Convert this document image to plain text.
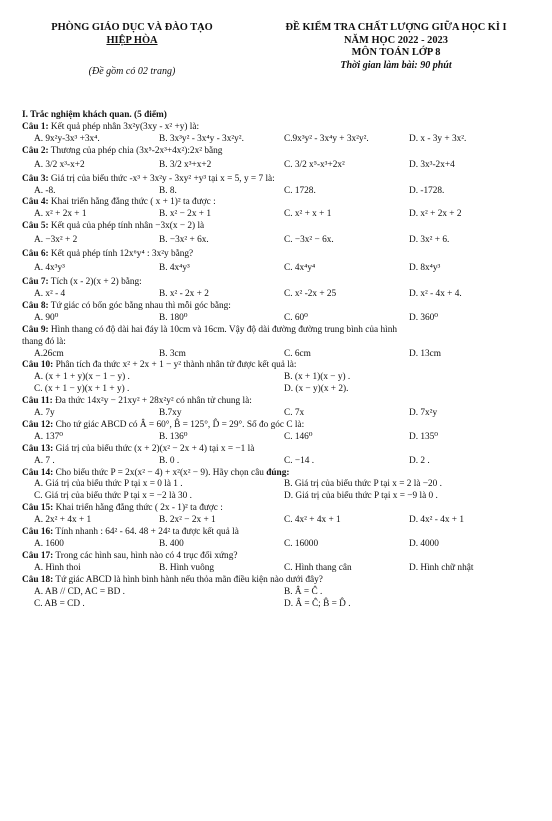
PHÒNG GIÁO DỤC VÀ ĐÀO TẠO
HIỆP HÒA
(Đề gồm có 02 trang)
ĐỀ KIỂM TRA CHẤT LƯỢNG GIỮA HỌC KÌ I
NĂM HỌC 2022 - 2023
MÔN TOÁN LỚP 8
Thời gian làm bài: 90 phút
I. Trắc nghiệm khách quan. (5 điểm)
Câu 1: Kết quả phép nhân 3x²y(3xy - x² +y) là:
A. 9x²y-3x³ +3x⁴.	B. 3x³y² - 3x⁴y - 3x²y².	C.9x³y² - 3x⁴y + 3x²y².	D. x - 3y + 3x².
Câu 2: Thương của phép chia (3x⁵-2x³+4x²):2x² bằng
A. 3/2 x³-x+2	B. 3/2 x³+x+2	C. 3/2 x⁵-x³+2x²	D. 3x³-2x+4
Câu 3: Giá trị của biểu thức -x³ + 3x²y - 3xy² +y³ tại x = 5, y = 7 là:
A. -8.	B. 8.	C. 1728.	D. -1728.
Câu 4: Khai triển hằng đẳng thức ( x + 1)² ta được :
A. x² + 2x + 1	B. x² − 2x + 1	C. x² + x + 1	D. x² + 2x + 2
Câu 5: Kết quả của phép tính nhân −3x(x − 2) là
A. −3x² + 2	B. −3x² + 6x.	C. −3x² − 6x.	D. 3x² + 6.
Câu 6: Kết quả phép tính 12x⁶y⁴ : 3x²y bằng?
A. 4x³y³	B. 4x⁴y³	C. 4x⁴y⁴	D. 8x⁴y³
Câu 7: Tích (x - 2)(x + 2) bằng:
A. x² - 4	B. x² - 2x + 2	C. x² -2x + 25	D. x² - 4x + 4.
Câu 8: Tứ giác có bốn góc bằng nhau thì mỗi góc bằng:
A. 90⁰	B. 180⁰	C. 60⁰	D. 360⁰
Câu 9: Hình thang có độ dài hai đáy là 10cm và 16cm. Vậy độ dài đường đường trung bình của hình
thang đó là:
A.26cm	B. 3cm	C. 6cm	D. 13cm
Câu 10: Phân tích đa thức x² + 2x + 1 − y² thành nhân tử được kết quả là:
A. (x + 1 + y)(x − 1 − y) .	B. (x + 1)(x − y) .
C. (x + 1 − y)(x + 1 + y) .	D. (x − y)(x + 2).
Câu 11: Đa thức 14x²y − 21xy² + 28x²y² có nhân tử chung là:
A. 7y	B.7xy	C. 7x	D. 7x²y
Câu 12: Cho tứ giác ABCD có Â = 60°, B̂ = 125°, D̂ = 29°. Số đo góc C là:
A. 137⁰	B. 136⁰	C. 146⁰	D. 135⁰
Câu 13: Giá trị của biểu thức (x + 2)(x² − 2x + 4) tại x = −1 là
A. 7 .	B. 0 .	C. −14 .	D. 2 .
Câu 14: Cho biểu thức P = 2x(x² − 4) + x²(x² − 9). Hãy chọn câu đúng:
A. Giá trị của biểu thức P tại x = 0 là 1 .	B. Giá trị của biểu thức P tại x = 2 là −20 .
C. Giá trị của biểu thức P tại x = −2 là 30 .	D. Giá trị của biểu thức P tại x = −9 là 0 .
Câu 15: Khai triển hằng đẳng thức ( 2x - 1)² ta được :
A. 2x² + 4x + 1	B. 2x² − 2x + 1	C. 4x² + 4x + 1	D. 4x² - 4x + 1
Câu 16: Tính nhanh : 64² - 64. 48 + 24² ta được kết quả là
A. 1600	B. 400	C. 16000	D. 4000
Câu 17: Trong các hình sau, hình nào có 4 trục đối xứng?
A. Hình thoi	B. Hình vuông	C. Hình thang cân	D. Hình chữ nhật
Câu 18: Tứ giác ABCD là hình bình hành nếu thỏa mãn điều kiện nào dưới đây?
A. AB // CD, AC = BD .	B. Â = Ĉ .
C. AB = CD .	D. Â = Ĉ; B̂ = D̂ .
